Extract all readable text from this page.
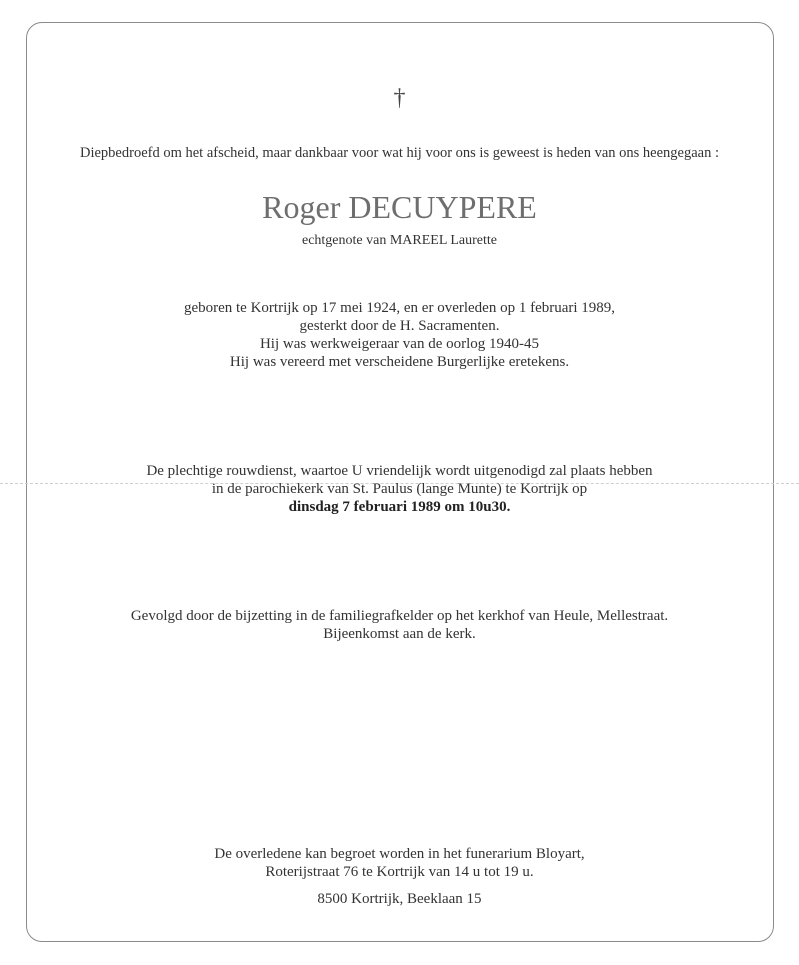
†
Diepbedroefd om het afscheid, maar dankbaar voor wat hij voor ons is geweest is heden van ons heengegaan :
Roger DECUYPERE
echtgenote van MAREEL Laurette
geboren te Kortrijk op 17 mei 1924, en er overleden op 1 februari 1989,
gesterkt door de H. Sacramenten.
Hij was werkweigeraar van de oorlog 1940-45
Hij was vereerd met verscheidene Burgerlijke eretekens.
De plechtige rouwdienst, waartoe U vriendelijk wordt uitgenodigd zal plaats hebben
in de parochiekerk van St. Paulus (lange Munte) te Kortrijk op
dinsdag 7 februari 1989 om 10u30.
Gevolgd door de bijzetting in de familiegrafkelder op het kerkhof van Heule, Mellestraat.
Bijeenkomst aan de kerk.
De overledene kan begroet worden in het funerarium Bloyart,
Roterijstraat 76 te Kortrijk van 14 u tot 19 u.
8500 Kortrijk, Beeklaan 15
